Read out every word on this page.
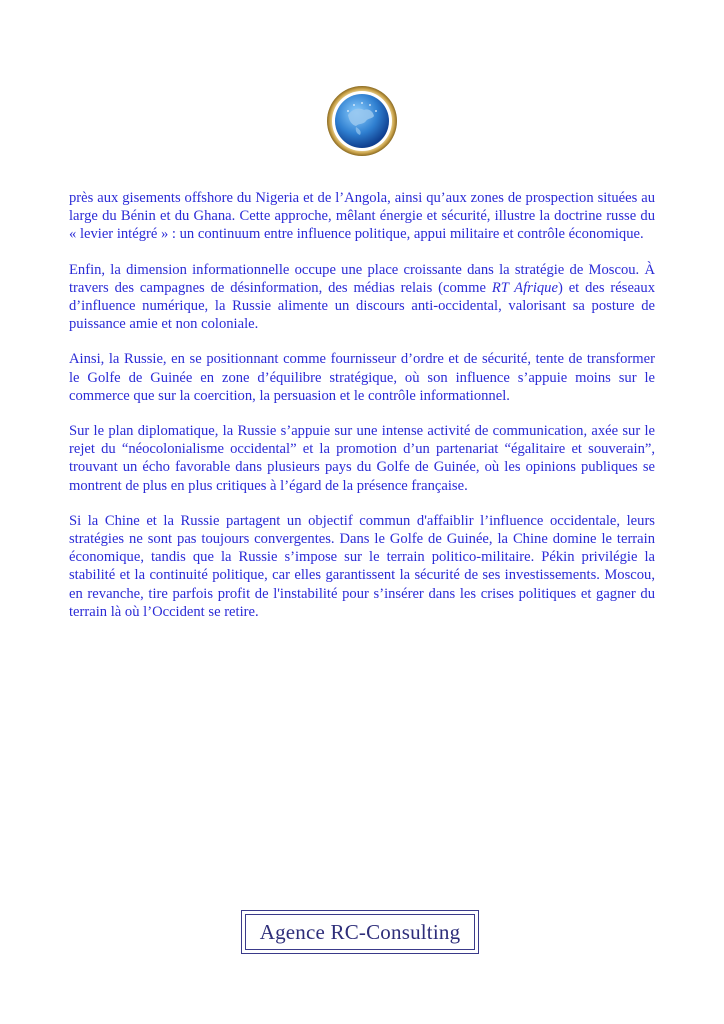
près aux gisements offshore du Nigeria et de l’Angola, ainsi qu’aux zones de prospection situées au large du Bénin et du Ghana. Cette approche, mêlant énergie et sécurité, illustre la doctrine russe du « levier intégré » : un continuum entre influence politique, appui militaire et contrôle économique.

Enfin, la dimension informationnelle occupe une place croissante dans la stratégie de Moscou. À travers des campagnes de désinformation, des médias relais (comme RT Afrique) et des réseaux d’influence numérique, la Russie alimente un discours anti-occidental, valorisant sa posture de puissance amie et non coloniale.

Ainsi, la Russie, en se positionnant comme fournisseur d’ordre et de sécurité, tente de transformer le Golfe de Guinée en zone d’équilibre stratégique, où son influence s’appuie moins sur le commerce que sur la coercition, la persuasion et le contrôle informationnel.

Sur le plan diplomatique, la Russie s’appuie sur une intense activité de communication, axée sur le rejet du “néocolonialisme occidental” et la promotion d’un partenariat “égalitaire et souverain”, trouvant un écho favorable dans plusieurs pays du Golfe de Guinée, où les opinions publiques se montrent de plus en plus critiques à l’égard de la présence française.

Si la Chine et la Russie partagent un objectif commun d'affaiblir l’influence occidentale, leurs stratégies ne sont pas toujours convergentes. Dans le Golfe de Guinée, la Chine domine le terrain économique, tandis que la Russie s’impose sur le terrain politico-militaire. Pékin privilégie la stabilité et la continuité politique, car elles garantissent la sécurité de ses investissements. Moscou, en revanche, tire parfois profit de l'instabilité pour s’insérer dans les crises politiques et gagner du terrain là où l’Occident se retire.

Agence RC-Consulting
